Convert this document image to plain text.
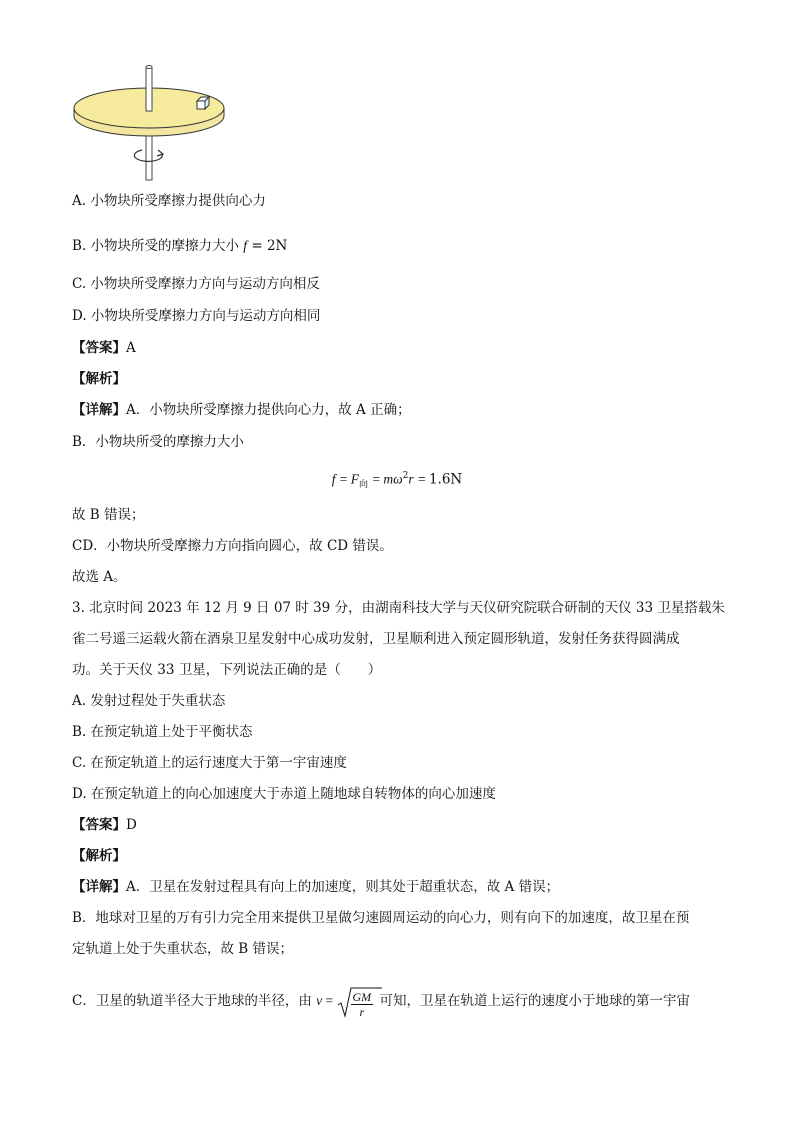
A. 小物块所受摩擦力提供向心力
B. 小物块所受的摩擦力大小 f = 2N
C. 小物块所受摩擦力方向与运动方向相反
D. 小物块所受摩擦力方向与运动方向相同
【答案】A
【解析】
【详解】A．小物块所受摩擦力提供向心力，故 A 正确；
B．小物块所受的摩擦力大小
$f = F_向 = m\omega^2r = 1.6N$
故 B 错误；
CD．小物块所受摩擦力方向指向圆心，故 CD 错误。
故选 A。
3. 北京时间 2023 年 12 月 9 日 07 时 39 分，由湖南科技大学与天仪研究院联合研制的天仪 33 卫星搭载朱
雀二号遥三运载火箭在酒泉卫星发射中心成功发射，卫星顺利进入预定圆形轨道，发射任务获得圆满成
功。关于天仪 33 卫星，下列说法正确的是（　　）
A. 发射过程处于失重状态
B. 在预定轨道上处于平衡状态
C. 在预定轨道上的运行速度大于第一宇宙速度
D. 在预定轨道上的向心加速度大于赤道上随地球自转物体的向心加速度
【答案】D
【解析】
【详解】A．卫星在发射过程具有向上的加速度，则其处于超重状态，故 A 错误；
B．地球对卫星的万有引力完全用来提供卫星做匀速圆周运动的向心力，则有向下的加速度，故卫星在预
定轨道上处于失重状态，故 B 错误；
C．卫星的轨道半径大于地球的半径，由 $v = \frac{GM}{r}$ 可知，卫星在轨道上运行的速度小于地球的第一宇宙
